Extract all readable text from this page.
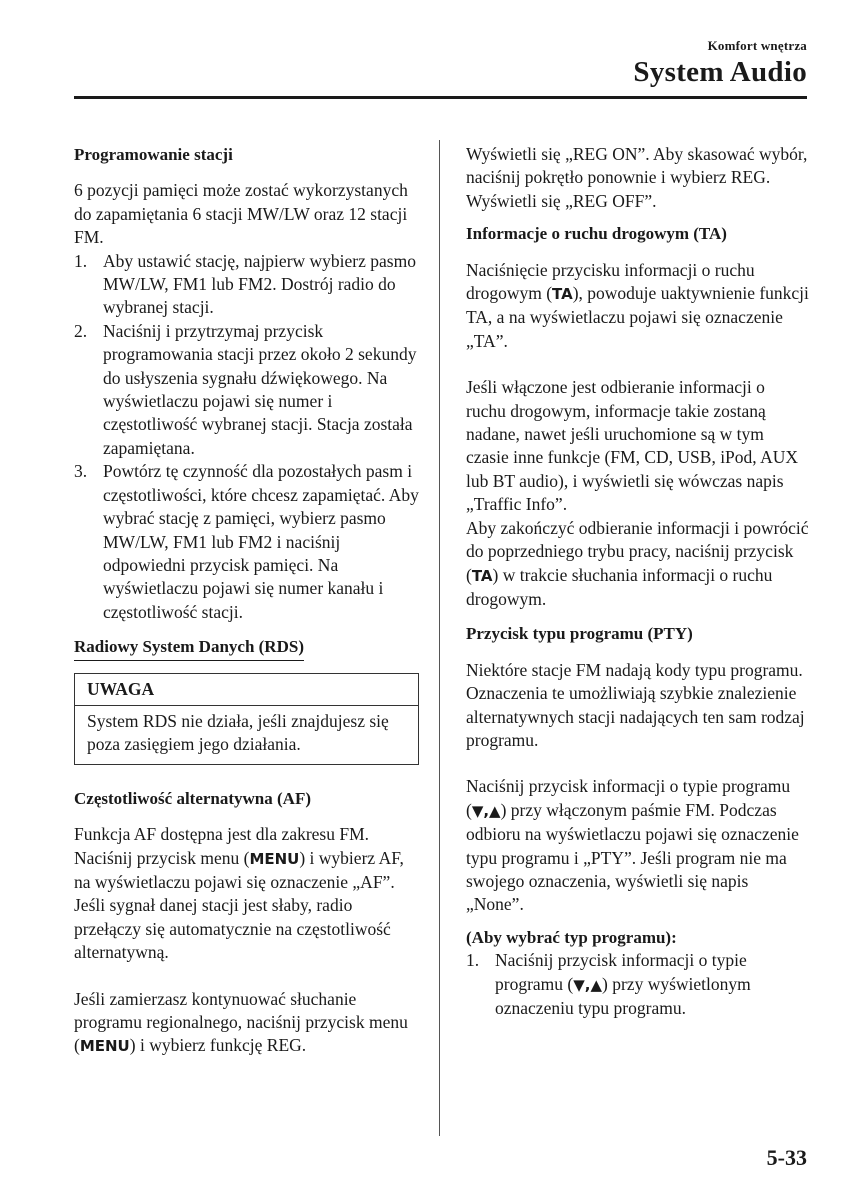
Komfort wnętrza
System Audio

Programowanie stacji

6 pozycji pamięci może zostać wykorzystanych do zapamiętania 6 stacji MW/LW oraz 12 stacji FM.

1. Aby ustawić stację, najpierw wybierz pasmo MW/LW, FM1 lub FM2. Dostrój radio do wybranej stacji.
2. Naciśnij i przytrzymaj przycisk programowania stacji przez około 2 sekundy do usłyszenia sygnału dźwiękowego. Na wyświetlaczu pojawi się numer i częstotliwość wybranej stacji. Stacja została zapamiętana.
3. Powtórz tę czynność dla pozostałych pasm i częstotliwości, które chcesz zapamiętać. Aby wybrać stację z pamięci, wybierz pasmo MW/LW, FM1 lub FM2 i naciśnij odpowiedni przycisk pamięci. Na wyświetlaczu pojawi się numer kanału i częstotliwość stacji.

Radiowy System Danych (RDS)

UWAGA
System RDS nie działa, jeśli znajdujesz się poza zasięgiem jego działania.

Częstotliwość alternatywna (AF)

Funkcja AF dostępna jest dla zakresu FM. Naciśnij przycisk menu (MENU) i wybierz AF, na wyświetlaczu pojawi się oznaczenie „AF”. Jeśli sygnał danej stacji jest słaby, radio przełączy się automatycznie na częstotliwość alternatywną.

Jeśli zamierzasz kontynuować słuchanie programu regionalnego, naciśnij przycisk menu (MENU) i wybierz funkcję REG.

Wyświetli się „REG ON”. Aby skasować wybór, naciśnij pokrętło ponownie i wybierz REG. Wyświetli się „REG OFF”.

Informacje o ruchu drogowym (TA)

Naciśnięcie przycisku informacji o ruchu drogowym (TA), powoduje uaktywnienie funkcji TA, a na wyświetlaczu pojawi się oznaczenie „TA”.

Jeśli włączone jest odbieranie informacji o ruchu drogowym, informacje takie zostaną nadane, nawet jeśli uruchomione są w tym czasie inne funkcje (FM, CD, USB, iPod, AUX lub BT audio), i wyświetli się wówczas napis „Traffic Info”.

Aby zakończyć odbieranie informacji i powrócić do poprzedniego trybu pracy, naciśnij przycisk (TA) w trakcie słuchania informacji o ruchu drogowym.

Przycisk typu programu (PTY)

Niektóre stacje FM nadają kody typu programu. Oznaczenia te umożliwiają szybkie znalezienie alternatywnych stacji nadających ten sam rodzaj programu.

Naciśnij przycisk informacji o typie programu (▼,▲) przy włączonym paśmie FM. Podczas odbioru na wyświetlaczu pojawi się oznaczenie typu programu i „PTY”. Jeśli program nie ma swojego oznaczenia, wyświetli się napis „None”.

(Aby wybrać typ programu):

1. Naciśnij przycisk informacji o typie programu (▼,▲) przy wyświetlonym oznaczeniu typu programu.
5-33
